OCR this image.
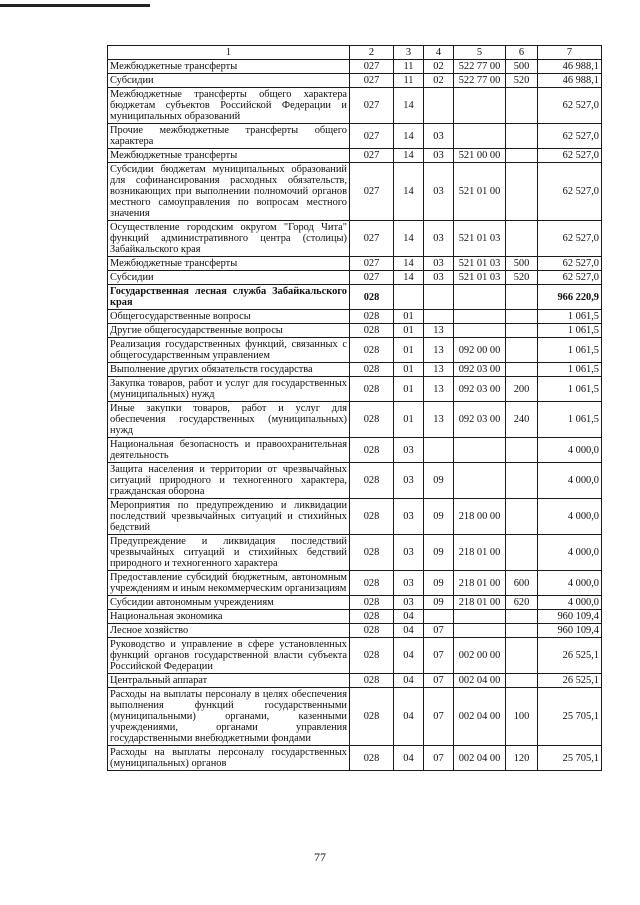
1	2	3	4	5	6	7
Межбюджетные трансферты	027	11	02	522 77 00	500	46 988,1
Субсидии	027	11	02	522 77 00	520	46 988,1
Межбюджетные трансферты общего характера бюджетам субъектов Российской Федерации и муниципальных образований	027	14				62 527,0
Прочие межбюджетные трансферты общего характера	027	14	03			62 527,0
Межбюджетные трансферты	027	14	03	521 00 00		62 527,0
Субсидии бюджетам муниципальных образований для софинансирования расходных обязательств, возникающих при выполнении полномочий органов местного самоуправления по вопросам местного значения	027	14	03	521 01 00		62 527,0
Осуществление городским округом "Город Чита" функций административного центра (столицы) Забайкальского края	027	14	03	521 01 03		62 527,0
Межбюджетные трансферты	027	14	03	521 01 03	500	62 527,0
Субсидии	027	14	03	521 01 03	520	62 527,0
Государственная лесная служба Забайкальского края	028					966 220,9
Общегосударственные вопросы	028	01				1 061,5
Другие общегосударственные вопросы	028	01	13			1 061,5
Реализация государственных функций, связанных с общегосударственным управлением	028	01	13	092 00 00		1 061,5
Выполнение других обязательств государства	028	01	13	092 03 00		1 061,5
Закупка товаров, работ и услуг для государственных (муниципальных) нужд	028	01	13	092 03 00	200	1 061,5
Иные закупки товаров, работ и услуг для обеспечения государственных (муниципальных) нужд	028	01	13	092 03 00	240	1 061,5
Национальная безопасность и правоохранительная деятельность	028	03				4 000,0
Защита населения и территории от чрезвычайных ситуаций природного и техногенного характера, гражданская оборона	028	03	09			4 000,0
Мероприятия по предупреждению и ликвидации последствий чрезвычайных ситуаций и стихийных бедствий	028	03	09	218 00 00		4 000,0
Предупреждение и ликвидация последствий чрезвычайных ситуаций и стихийных бедствий природного и техногенного характера	028	03	09	218 01 00		4 000,0
Предоставление субсидий бюджетным, автономным учреждениям и иным некоммерческим организациям	028	03	09	218 01 00	600	4 000,0
Субсидии автономным учреждениям	028	03	09	218 01 00	620	4 000,0
Национальная экономика	028	04				960 109,4
Лесное хозяйство	028	04	07			960 109,4
Руководство и управление в сфере установленных функций органов государственной власти субъекта Российской Федерации	028	04	07	002 00 00		26 525,1
Центральный аппарат	028	04	07	002 04 00		26 525,1
Расходы на выплаты персоналу в целях обеспечения выполнения функций государственными (муниципальными) органами, казенными учреждениями, органами управления государственными внебюджетными фондами	028	04	07	002 04 00	100	25 705,1
Расходы на выплаты персоналу государственных (муниципальных) органов	028	04	07	002 04 00	120	25 705,1
77
